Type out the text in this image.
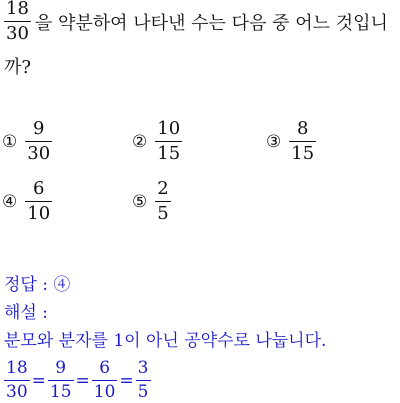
$\frac{18}{30}$ 을 약분하여 나타낸 수는 다음 중 어느 것입니
까?
① $\frac{9}{30}$	② $\frac{10}{15}$	③ $\frac{8}{15}$
④ $\frac{6}{10}$	⑤ $\frac{2}{5}$
정답 : ④
해설 :
분모와 분자를 1이 아닌 공약수로 나눕니다.
$\frac{18}{30} = \frac{9}{15} = \frac{6}{10} = \frac{3}{5}$
